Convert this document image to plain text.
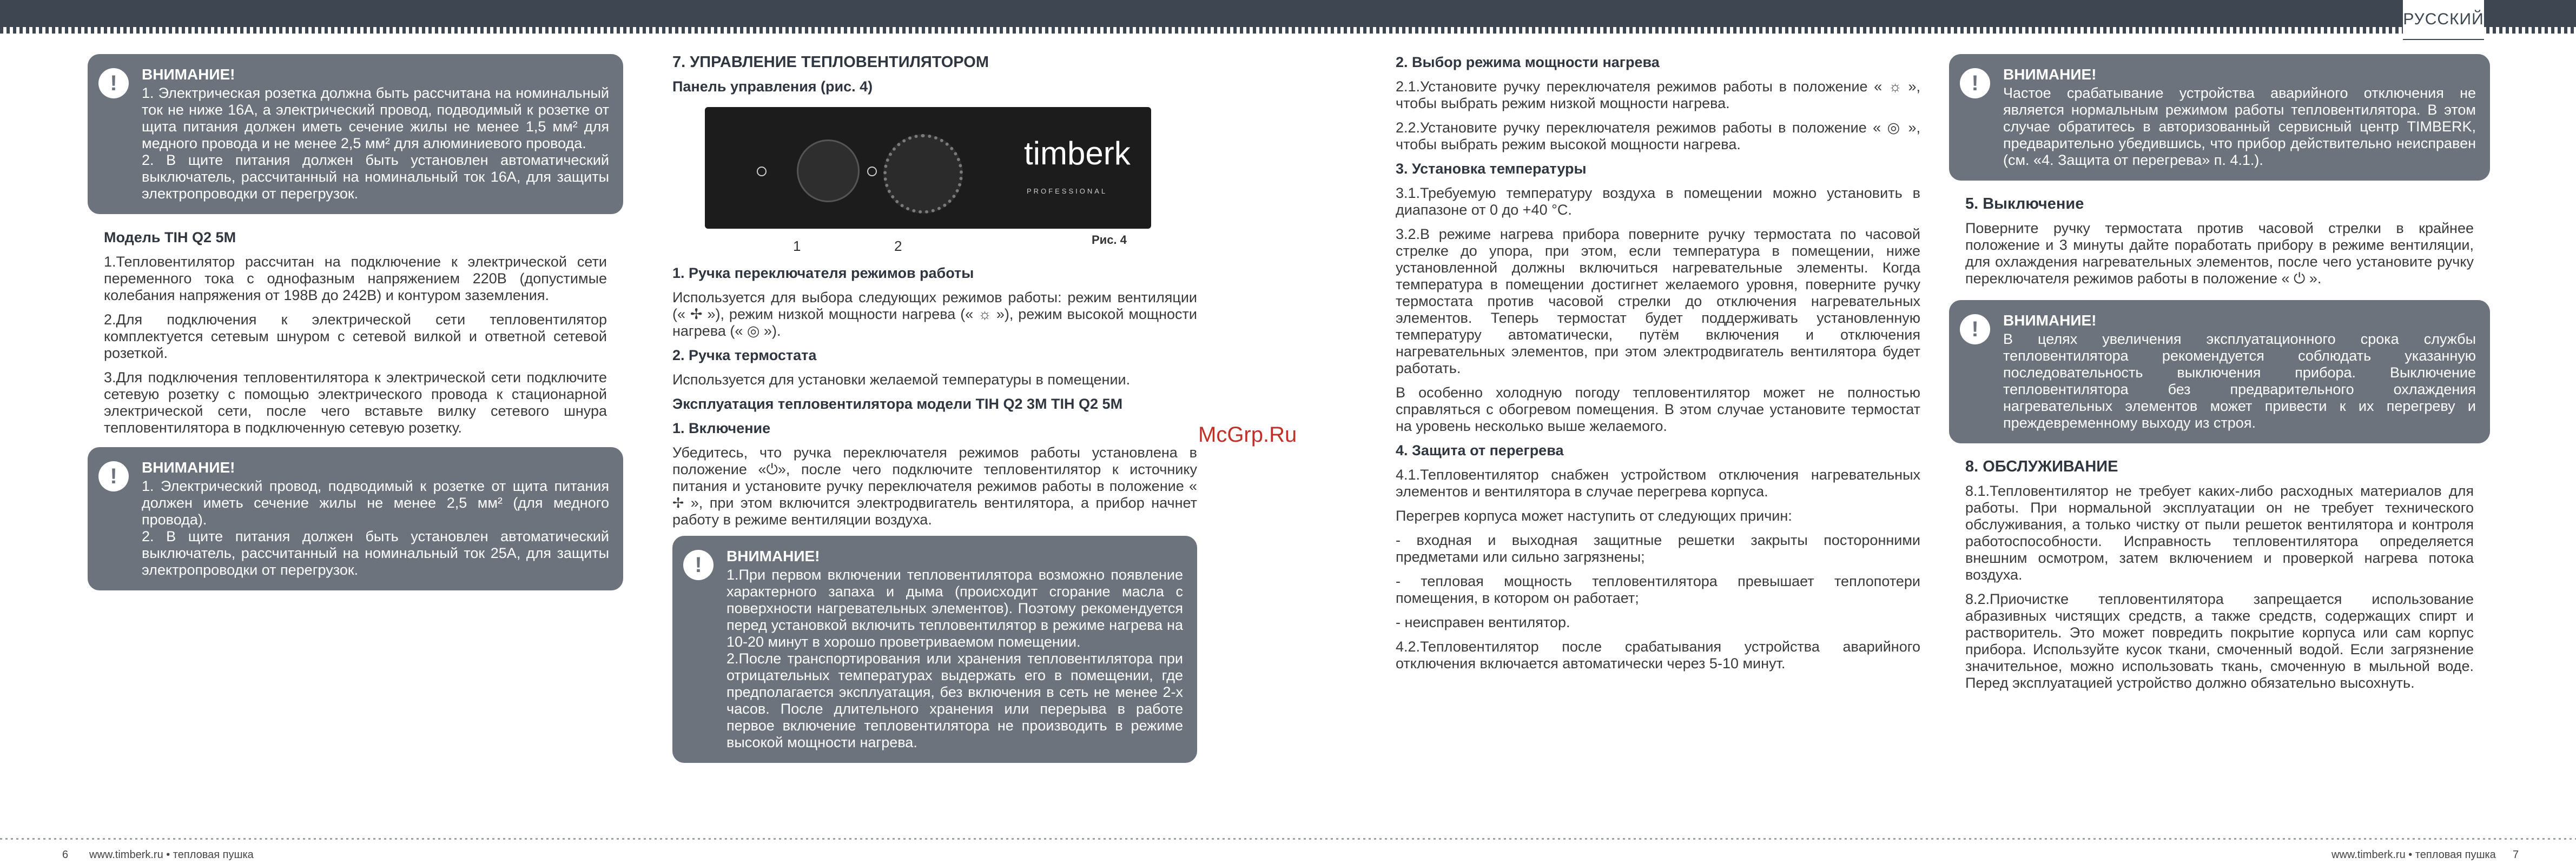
РУССКИЙ
!	ВНИМАНИЕ!

1. Электрическая розетка должна быть рассчитана на номинальный ток не ниже 16А, а электрический провод, подводимый к розетке от щита питания должен иметь сечение жилы не менее 1,5 мм² для медного провода и не менее 2,5 мм² для алюминиевого провода.

2. В щите питания должен быть установлен автоматический выключатель, рассчитанный на номинальный ток 16А, для защиты электропроводки от перегрузок.

Модель TIH Q2 5M

1.Тепловентилятор рассчитан на подключение к электрической сети переменного тока с однофазным напряжением 220В (допустимые колебания напряжения от 198В до 242В) и контуром заземления.

2.Для подключения к электрической сети тепловентилятор комплектуется сетевым шнуром с сетевой вилкой и ответной сетевой розеткой.

3.Для подключения тепловентилятора к электрической сети подключите сетевую розетку с помощью электрического провода к стационарной электрической сети, после чего вставьте вилку сетевого шнура тепловентилятора в подключенную сетевую розетку.

!	ВНИМАНИЕ!

1. Электрический провод, подводимый к розетке от щита питания должен иметь сечение жилы не менее 2,5 мм² (для медного провода).

2. В щите питания должен быть установлен автоматический выключатель, рассчитанный на номинальный ток 25А, для защиты электропроводки от перегрузок.

7. УПРАВЛЕНИЕ ТЕПЛОВЕНТИЛЯТОРОМ

Панель управления (рис. 4)

timberk
PROFESSIONAL
1	2	Рис. 4

1. Ручка переключателя режимов работы

Используется для выбора следующих режимов работы: режим вентиляции (« ✢ »), режим низкой мощности нагрева (« ☼ »), режим высокой мощности нагрева (« ◎ »).

2. Ручка термостата

Используется для установки желаемой температуры в помещении.

Эксплуатация тепловентилятора модели TIH Q2 3M TIH Q2 5M

1. Включение

Убедитесь, что ручка переключателя режимов работы установлена в положение «⏻», после чего подключите тепловентилятор к источнику питания и установите ручку переключателя режимов работы в положение « ✢ », при этом включится электродвигатель вентилятора, а прибор начнет работу в режиме вентиляции воздуха.

!	ВНИМАНИЕ!

1.При первом включении тепловентилятора возможно появление характерного запаха и дыма (происходит сгорание масла с поверхности нагревательных элементов). Поэтому рекомендуется перед установкой включить тепловентилятор в режиме нагрева на 10-20 минут в хорошо проветриваемом помещении.

2.После транспортирования или хранения тепловентилятора при отрицательных температурах выдержать его в помещении, где предполагается эксплуатация, без включения в сеть не менее 2-х часов. После длительного хранения или перерыва в работе первое включение тепловентилятора не производить в режиме высокой мощности нагрева.

McGrp.Ru

2. Выбор режима мощности нагрева

2.1.Установите ручку переключателя режимов работы в положение « ☼ », чтобы выбрать режим низкой мощности нагрева.

2.2.Установите ручку переключателя режимов работы в положение « ◎ », чтобы выбрать режим высокой мощности нагрева.

3. Установка температуры

3.1.Требуемую температуру воздуха в помещении можно установить в диапазоне от 0 до +40 °С.

3.2.В режиме нагрева прибора поверните ручку термостата по часовой стрелке до упора, при этом, если температура в помещении, ниже установленной должны включиться нагревательные элементы. Когда температура в помещении достигнет желаемого уровня, поверните ручку термостата против часовой стрелки до отключения нагревательных элементов. Теперь термостат будет поддерживать установленную температуру автоматически, путём включения и отключения нагревательных элементов, при этом электродвигатель вентилятора будет работать.

В особенно холодную погоду тепловентилятор может не полностью справляться с обогревом помещения. В этом случае установите термостат на уровень несколько выше желаемого.

4. Защита от перегрева

4.1.Тепловентилятор снабжен устройством отключения нагревательных элементов и вентилятора в случае перегрева корпуса.

Перегрев корпуса может наступить от следующих причин:

- входная и выходная защитные решетки закрыты посторонними предметами или сильно загрязнены;

- тепловая мощность тепловентилятора превышает теплопотери помещения, в котором он работает;

- неисправен вентилятор.

4.2.Тепловентилятор после срабатывания устройства аварийного отключения включается автоматически через 5-10 минут.

!	ВНИМАНИЕ!

Частое срабатывание устройства аварийного отключения не является нормальным режимом работы тепловентилятора. В этом случае обратитесь в авторизованный сервисный центр TIMBERK, предварительно убедившись, что прибор действительно неисправен (см. «4. Защита от перегрева» п. 4.1.).

5. Выключение

Поверните ручку термостата против часовой стрелки в крайнее положение и 3 минуты дайте поработать прибору в режиме вентиляции, для охлаждения нагревательных элементов, после чего установите ручку переключателя режимов работы в положение « ⏻ ».

!	ВНИМАНИЕ!

В целях увеличения эксплуатационного срока службы тепловентилятора рекомендуется соблюдать указанную последовательность выключения прибора. Выключение тепловентилятора без предварительного охлаждения нагревательных элементов может привести к их перегреву и преждевременному выходу из строя.

8. ОБСЛУЖИВАНИЕ

8.1.Тепловентилятор не требует каких-либо расходных материалов для работы. При нормальной эксплуатации он не требует технического обслуживания, а только чистку от пыли решеток вентилятора и контроля работоспособности. Исправность тепловентилятора определяется внешним осмотром, затем включением и проверкой нагрева потока воздуха.

8.2.Приочистке тепловентилятора запрещается использование абразивных чистящих средств, а также средств, содержащих спирт и растворитель. Это может повредить покрытие корпуса или сам корпус прибора. Используйте кусок ткани, смоченный водой. Если загрязнение значительное, можно использовать ткань, смоченную в мыльной воде. Перед эксплуатацией устройство должно обязательно высохнуть.

6 www.timberk.ru • тепловая пушка	www.timberk.ru • тепловая пушка 7
